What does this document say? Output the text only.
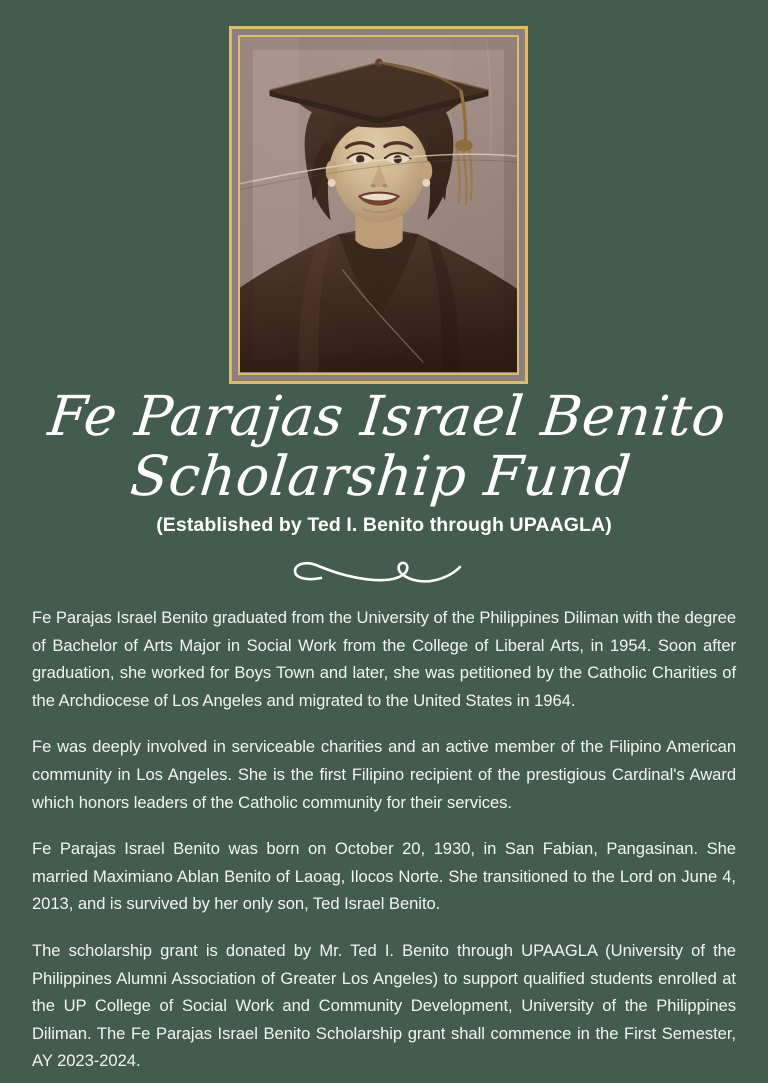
Fe Parajas Israel Benito
Scholarship Fund
(Established by Ted I. Benito through UPAAGLA)

Fe Parajas Israel Benito graduated from the University of the Philippines Diliman with the degree of Bachelor of Arts Major in Social Work from the College of Liberal Arts, in 1954. Soon after graduation, she worked for Boys Town and later, she was petitioned by the Catholic Charities of the Archdiocese of Los Angeles and migrated to the United States in 1964.

Fe was deeply involved in serviceable charities and an active member of the Filipino American community in Los Angeles. She is the first Filipino recipient of the prestigious Cardinal's Award which honors leaders of the Catholic community for their services.

Fe Parajas Israel Benito was born on October 20, 1930, in San Fabian, Pangasinan. She married Maximiano Ablan Benito of Laoag, Ilocos Norte. She transitioned to the Lord on June 4, 2013, and is survived by her only son, Ted Israel Benito.

The scholarship grant is donated by Mr. Ted I. Benito through UPAAGLA (University of the Philippines Alumni Association of Greater Los Angeles) to support qualified students enrolled at the UP College of Social Work and Community Development, University of the Philippines Diliman. The Fe Parajas Israel Benito Scholarship grant shall commence in the First Semester, AY 2023-2024.
